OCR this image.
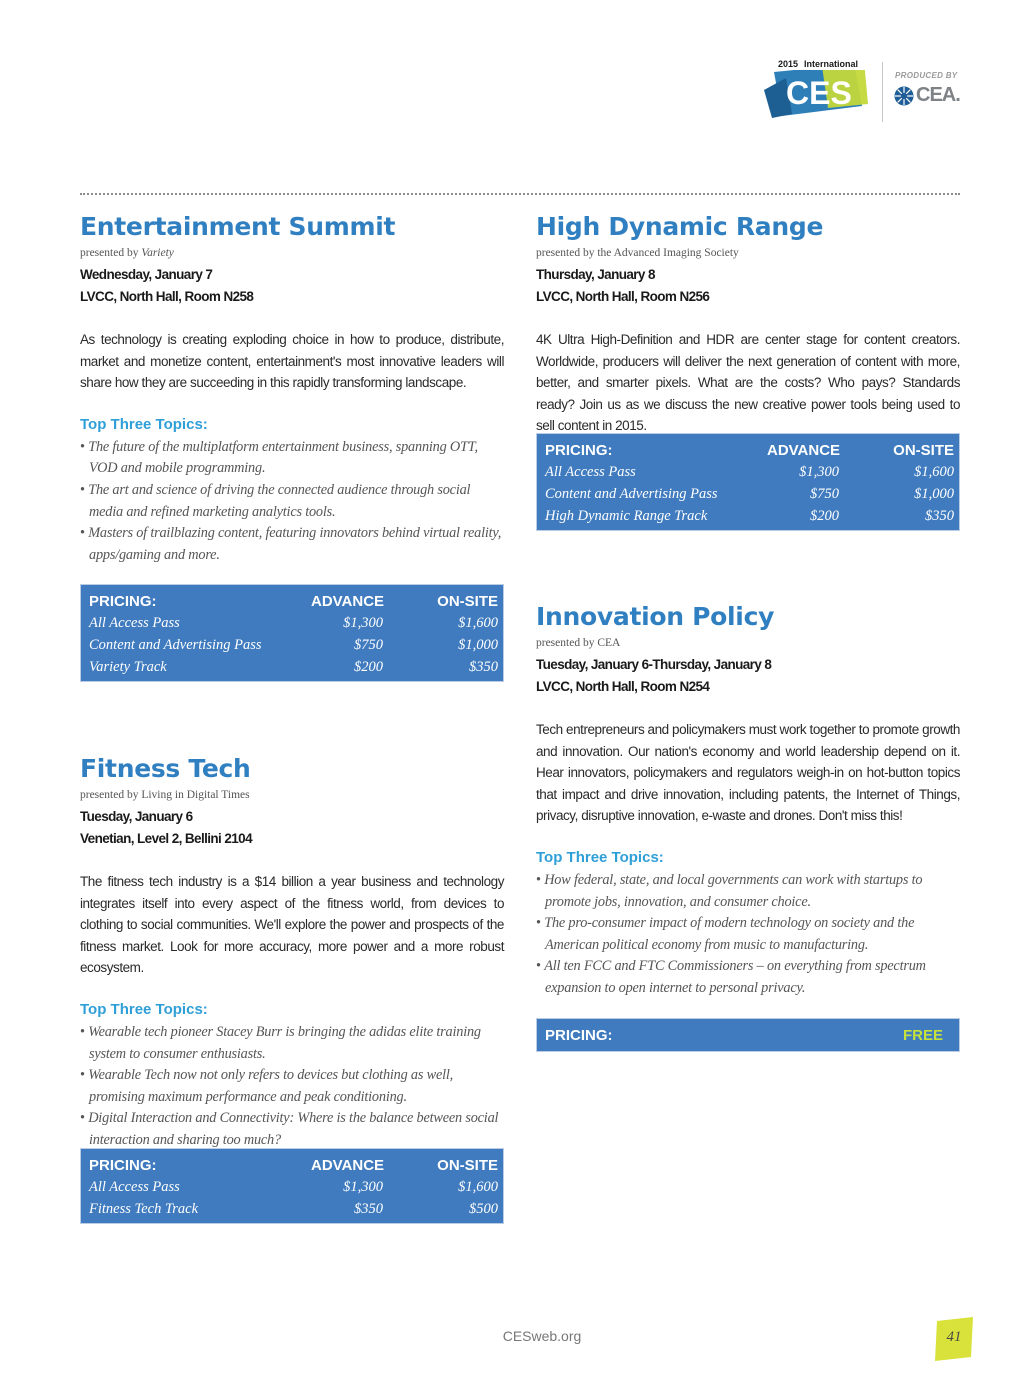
2015 International
CES	PRODUCED BY
CEA.
Entertainment Summit
presented by Variety
Wednesday, January 7
LVCC, North Hall, Room N258
As technology is creating exploding choice in how to produce, distribute, market and monetize content, entertainment's most innovative leaders will share how they are succeeding in this rapidly transforming landscape.
Top Three Topics:
• The future of the multiplatform entertainment business, spanning OTT, VOD and mobile programming.
• The art and science of driving the connected audience through social media and refined marketing analytics tools.
• Masters of trailblazing content, featuring innovators behind virtual reality, apps/gaming and more.
PRICING:	ADVANCE	ON-SITE
All Access Pass	$1,300	$1,600
Content and Advertising Pass	$750	$1,000
Variety Track	$200	$350
Fitness Tech
presented by Living in Digital Times
Tuesday, January 6
Venetian, Level 2, Bellini 2104
The fitness tech industry is a $14 billion a year business and technology integrates itself into every aspect of the fitness world, from devices to clothing to social communities. We'll explore the power and prospects of the fitness market. Look for more accuracy, more power and a more robust ecosystem.
Top Three Topics:
• Wearable tech pioneer Stacey Burr is bringing the adidas elite training system to consumer enthusiasts.
• Wearable Tech now not only refers to devices but clothing as well, promising maximum performance and peak conditioning.
• Digital Interaction and Connectivity: Where is the balance between social interaction and sharing too much?
PRICING:	ADVANCE	ON-SITE
All Access Pass	$1,300	$1,600
Fitness Tech Track	$350	$500
High Dynamic Range
presented by the Advanced Imaging Society
Thursday, January 8
LVCC, North Hall, Room N256
4K Ultra High-Definition and HDR are center stage for content creators. Worldwide, producers will deliver the next generation of content with more, better, and smarter pixels. What are the costs? Who pays? Standards ready? Join us as we discuss the new creative power tools being used to sell content in 2015.
PRICING:	ADVANCE	ON-SITE
All Access Pass	$1,300	$1,600
Content and Advertising Pass	$750	$1,000
High Dynamic Range Track	$200	$350
Innovation Policy
presented by CEA
Tuesday, January 6-Thursday, January 8
LVCC, North Hall, Room N254
Tech entrepreneurs and policymakers must work together to promote growth and innovation. Our nation's economy and world leadership depend on it. Hear innovators, policymakers and regulators weigh-in on hot-button topics that impact and drive innovation, including patents, the Internet of Things, privacy, disruptive innovation, e-waste and drones. Don't miss this!
Top Three Topics:
• How federal, state, and local governments can work with startups to promote jobs, innovation, and consumer choice.
• The pro-consumer impact of modern technology on society and the American political economy from music to manufacturing.
• All ten FCC and FTC Commissioners – on everything from spectrum expansion to open internet to personal privacy.
PRICING:	FREE
CESweb.org	41
